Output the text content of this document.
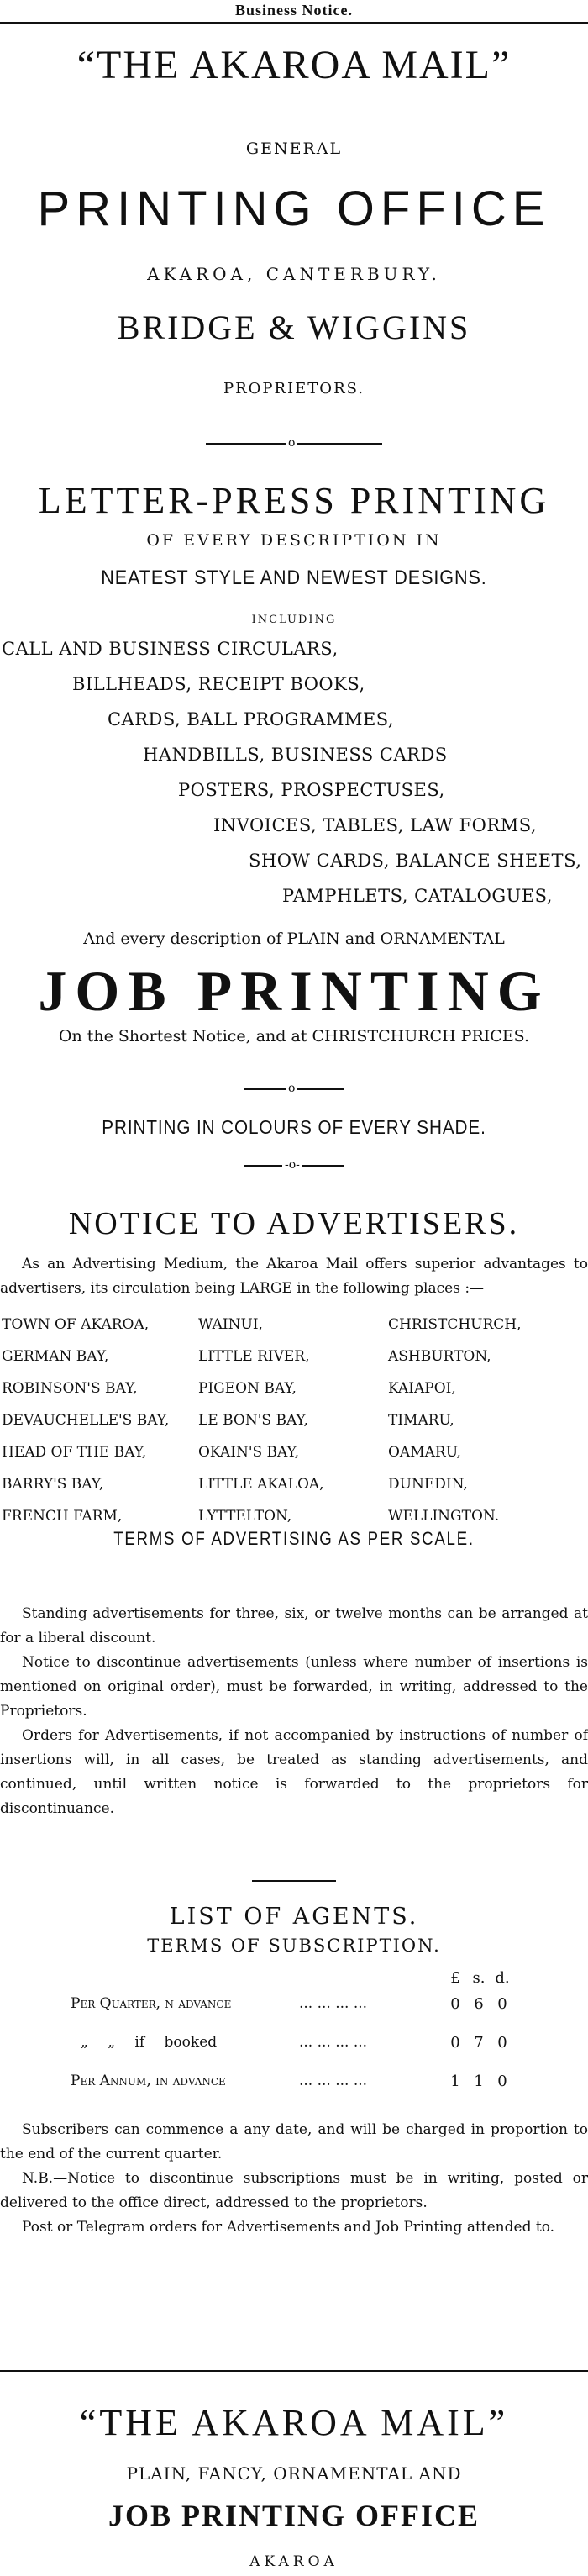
Business Notice.
“THE AKAROA MAIL”
GENERAL
PRINTING OFFICE
AKAROA, CANTERBURY.
BRIDGE & WIGGINS
PROPRIETORS.
o
LETTER-PRESS PRINTING
OF EVERY DESCRIPTION IN
NEATEST STYLE AND NEWEST DESIGNS.
INCLUDING
CALL AND BUSINESS CIRCULARS,
BILLHEADS, RECEIPT BOOKS,
CARDS, BALL PROGRAMMES,
HANDBILLS, BUSINESS CARDS
POSTERS, PROSPECTUSES,
INVOICES, TABLES, LAW FORMS,
SHOW CARDS, BALANCE SHEETS,
PAMPHLETS, CATALOGUES,
And every description of PLAIN and ORNAMENTAL
JOB PRINTING
On the Shortest Notice, and at CHRISTCHURCH PRICES.
o
PRINTING IN COLOURS OF EVERY SHADE.
-o-
NOTICE TO ADVERTISERS.

As an Advertising Medium, the Akaroa Mail offers superior advantages to advertisers, its circulation being LARGE in the following places :—

TOWN OF AKAROA,	WAINUI,	CHRISTCHURCH,
GERMAN BAY,	LITTLE RIVER,	ASHBURTON,
ROBINSON'S BAY,	PIGEON BAY,	KAIAPOI,
DEVAUCHELLE'S BAY, LE BON'S BAY,	TIMARU,
HEAD OF THE BAY,	OKAIN'S BAY,	OAMARU,
BARRY'S BAY,	LITTLE AKALOA,	DUNEDIN,
FRENCH FARM,	LYTTELTON,	WELLINGTON.
TERMS OF ADVERTISING AS PER SCALE.

Standing advertisements for three, six, or twelve months can be arranged at for a liberal discount.

Notice to discontinue advertisements (unless where number of insertions is mentioned on original order), must be forwarded, in writing, addressed to the Proprietors.

Orders for Advertisements, if not accompanied by instructions of number of insertions will, in all cases, be treated as standing advertisements, and continued, until written notice is forwarded to the proprietors for discontinuance.

LIST OF AGENTS.
TERMS OF SUBSCRIPTION.
£ s. d.
Per Quarter, n advance	... ... ... ...	0 6 0
„ „ if booked	... ... ... ...	0 7 0
Per Annum, in advance	... ... ... ...	1 1 0

Subscribers can commence a any date, and will be charged in proportion to the end of the current quarter.

N.B.—Notice to discontinue subscriptions must be in writing, posted or delivered to the office direct, addressed to the proprietors.

Post or Telegram orders for Advertisements and Job Printing attended to.

“THE AKAROA MAIL”
PLAIN, FANCY, ORNAMENTAL AND
JOB PRINTING OFFICE
AKAROA
